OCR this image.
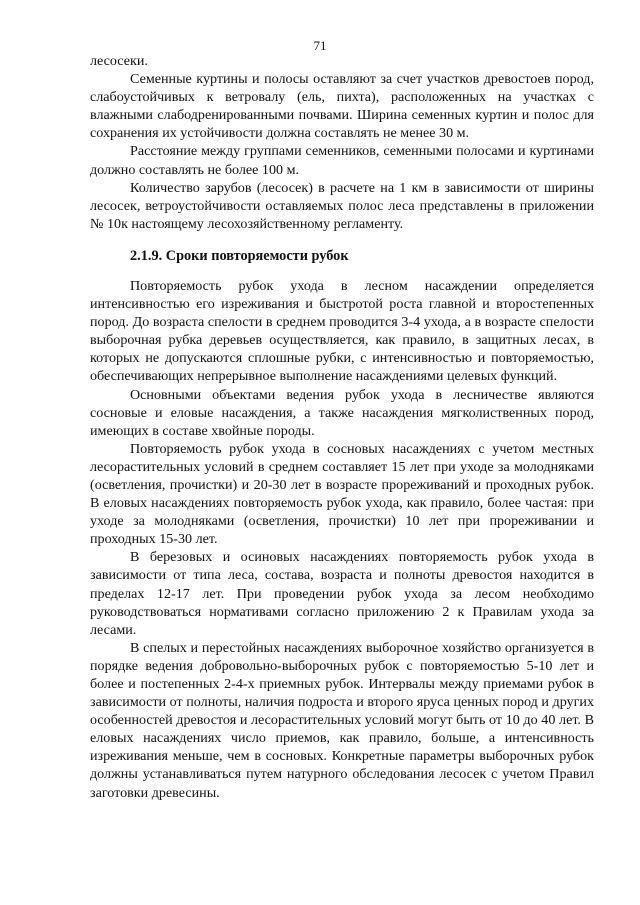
71

лесосеки.

Семенные куртины и полосы оставляют за счет участков древостоев пород, слабоустойчивых к ветровалу (ель, пихта), расположенных на участках с влажными слабодренированными почвами. Ширина семенных куртин и полос для сохранения их устойчивости должна составлять не менее 30 м.

Расстояние между группами семенников, семенными полосами и куртинами должно составлять не более 100 м.

Количество зарубов (лесосек) в расчете на 1 км в зависимости от ширины лесосек, ветроустойчивости оставляемых полос леса представлены в приложении № 10к настоящему лесохозяйственному регламенту.

2.1.9. Сроки повторяемости рубок

Повторяемость рубок ухода в лесном насаждении определяется интенсивностью его изреживания и быстротой роста главной и второстепенных пород. До возраста спелости в среднем проводится 3-4 ухода, а в возрасте спелости выборочная рубка деревьев осуществляется, как правило, в защитных лесах, в которых не допускаются сплошные рубки, с интенсивностью и повторяемостью, обеспечивающих непрерывное выполнение насаждениями целевых функций.

Основными объектами ведения рубок ухода в лесничестве являются сосновые и еловые насаждения, а также насаждения мягколиственных пород, имеющих в составе хвойные породы.

Повторяемость рубок ухода в сосновых насаждениях с учетом местных лесорастительных условий в среднем составляет 15 лет при уходе за молодняками (осветления, прочистки) и 20-30 лет в возрасте прореживаний и проходных рубок. В еловых насаждениях повторяемость рубок ухода, как правило, более частая: при уходе за молодняками (осветления, прочистки) 10 лет при прореживании и проходных 15-30 лет.

В березовых и осиновых насаждениях повторяемость рубок ухода в зависимости от типа леса, состава, возраста и полноты древостоя находится в пределах 12-17 лет. При проведении рубок ухода за лесом необходимо руководствоваться нормативами согласно приложению 2 к Правилам ухода за лесами.

В спелых и перестойных насаждениях выборочное хозяйство организуется в порядке ведения добровольно-выборочных рубок с повторяемостью 5-10 лет и более и постепенных 2-4-х приемных рубок. Интервалы между приемами рубок в зависимости от полноты, наличия подроста и второго яруса ценных пород и других особенностей древостоя и лесорастительных условий могут быть от 10 до 40 лет. В еловых насаждениях число приемов, как правило, больше, а интенсивность изреживания меньше, чем в сосновых. Конкретные параметры выборочных рубок должны устанавливаться путем натурного обследования лесосек с учетом Правил заготовки древесины.
